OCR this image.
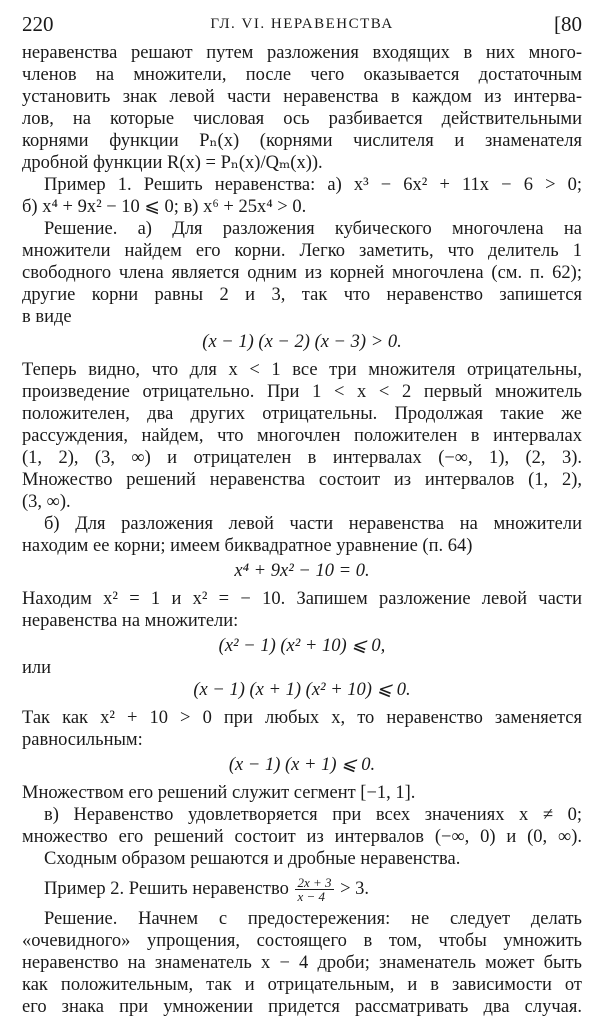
220	ГЛ. VI. НЕРАВЕНСТВА	[80
неравенства решают путем разложения входящих в них много-
членов на множители, после чего оказывается достаточным
установить знак левой части неравенства в каждом из интерва-
лов, на которые числовая ось разбивается действительными
корнями функции Pₙ(x) (корнями числителя и знаменателя
дробной функции R(x) = Pₙ(x)/Qₘ(x)).
Пример 1. Решить неравенства: а) x³ − 6x² + 11x − 6 > 0;
б) x⁴ + 9x² − 10 ⩽ 0; в) x⁶ + 25x⁴ > 0.
Решение. а) Для разложения кубического многочлена на
множители найдем его корни. Легко заметить, что делитель 1
свободного члена является одним из корней многочлена (см. п. 62);
другие корни равны 2 и 3, так что неравенство запишется
в виде
(x − 1) (x − 2) (x − 3) > 0.
Теперь видно, что для x < 1 все три множителя отрицательны,
произведение отрицательно. При 1 < x < 2 первый множитель
положителен, два других отрицательны. Продолжая такие же
рассуждения, найдем, что многочлен положителен в интервалах
(1, 2), (3, ∞) и отрицателен в интервалах (−∞, 1), (2, 3).
Множество решений неравенства состоит из интервалов (1, 2),
(3, ∞).
б) Для разложения левой части неравенства на множители
находим ее корни; имеем биквадратное уравнение (п. 64)
x⁴ + 9x² − 10 = 0.
Находим x² = 1 и x² = − 10. Запишем разложение левой части
неравенства на множители:
(x² − 1) (x² + 10) ⩽ 0,
или
(x − 1) (x + 1) (x² + 10) ⩽ 0.
Так как x² + 10 > 0 при любых x, то неравенство заменяется
равносильным:
(x − 1) (x + 1) ⩽ 0.
Множеством его решений служит сегмент [−1, 1].
в) Неравенство удовлетворяется при всех значениях x ≠ 0;
множество его решений состоит из интервалов (−∞, 0) и (0, ∞).
Сходным образом решаются и дробные неравенства.
Пример 2. Решить неравенство $\frac{2x + 3}{x - 4} > 3$.
Решение. Начнем с предостережения: не следует делать
«очевидного» упрощения, состоящего в том, чтобы умножить
неравенство на знаменатель x − 4 дроби; знаменатель может быть
как положительным, так и отрицательным, и в зависимости от
его знака при умножении придется рассматривать два случая.
